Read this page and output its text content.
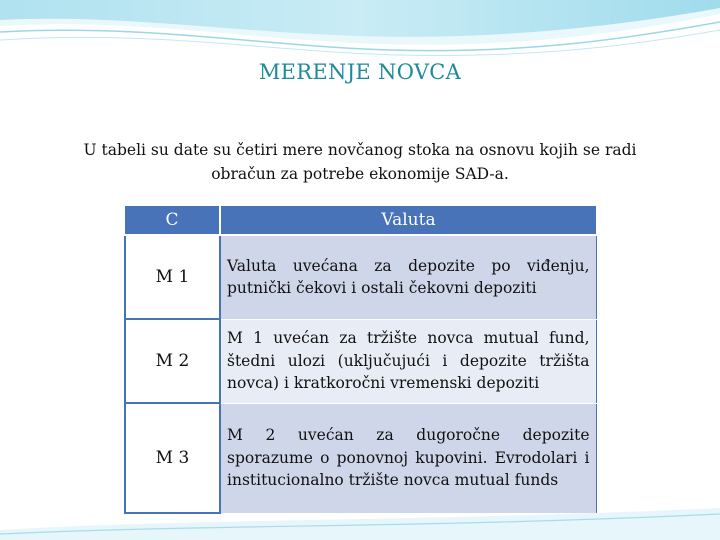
MERENJE NOVCA
U tabeli su date su četiri mere novčanog stoka na osnovu kojih se radi obračun za potrebe ekonomije SAD-a.
C	Valuta
M 1	Valuta uvećana za depozite po viđenju, putnički čekovi i ostali čekovni depoziti
M 2	M 1 uvećan za tržište novca mutual fund, štedni ulozi (uključujući i depozite tržišta novca) i kratkoročni vremenski depoziti
M 3	M 2 uvećan za dugoročne depozite sporazume o ponovnoj kupovini. Evrodolari i institucionalno tržište novca mutual funds
